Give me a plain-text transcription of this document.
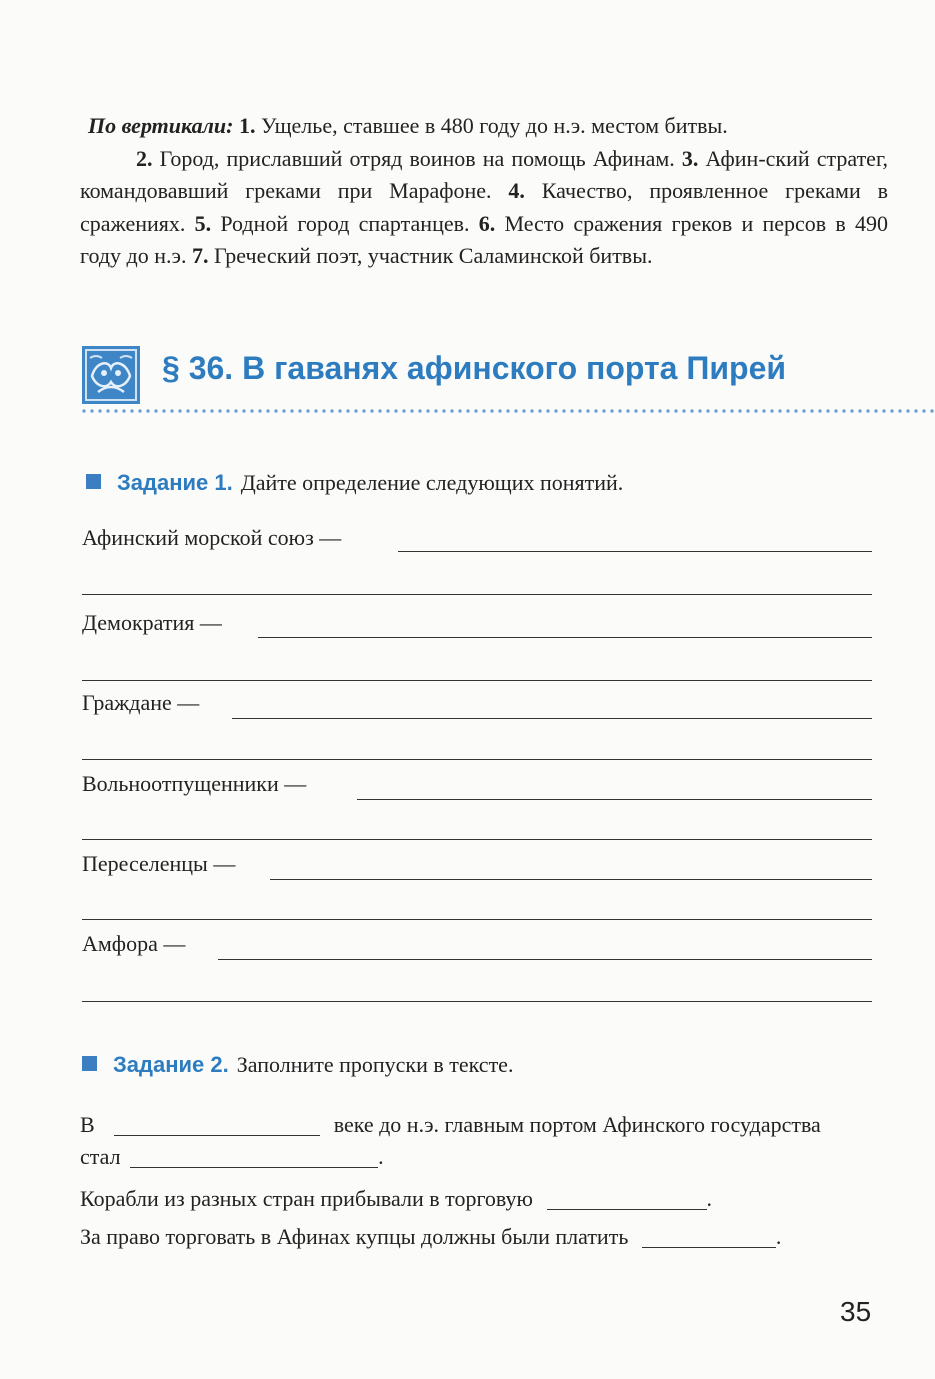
По вертикали: 1. Ущелье, ставшее в 480 году до н.э. местом битвы.
2. Город, приславший отряд воинов на помощь Афинам. 3. Афин-ский стратег, командовавший греками при Марафоне. 4. Качество, проявленное греками в сражениях. 5. Родной город спартанцев. 6. Место сражения греков и персов в 490 году до н.э. 7. Греческий поэт, участник Саламинской битвы.
§ 36. В гаванях афинского порта Пирей
Задание 1. Дайте определение следующих понятий.
Афинский морской союз —
Демократия —
Граждане —
Вольноотпущенники —
Переселенцы —
Амфора —
Задание 2. Заполните пропуски в тексте.
В	веке до н.э. главным портом Афинского государства
стал	.
Корабли из разных стран прибывали в торговую	.
За право торговать в Афинах купцы должны были платить	.
35
